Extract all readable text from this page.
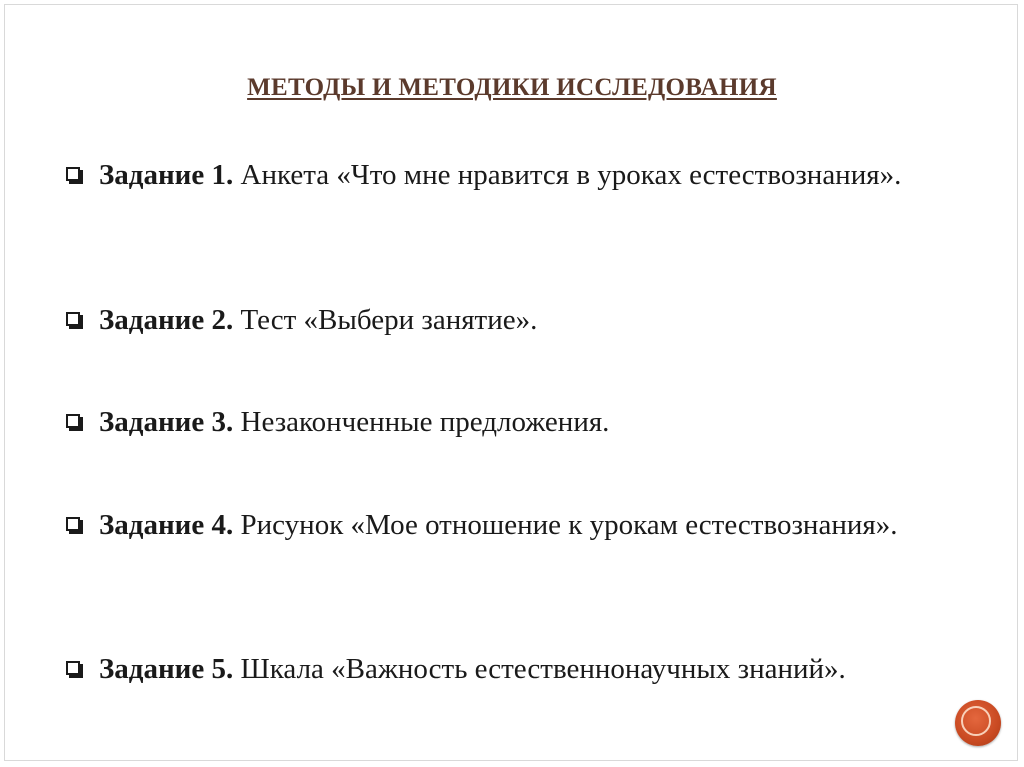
МЕТОДЫ И МЕТОДИКИ ИССЛЕДОВАНИЯ
Задание 1. Анкета «Что мне нравится в уроках естествознания».
Задание 2. Тест «Выбери занятие».
Задание 3. Незаконченные предложения.
Задание 4. Рисунок «Мое отношение к урокам естествознания».
Задание 5. Шкала «Важность естественнонаучных знаний».
